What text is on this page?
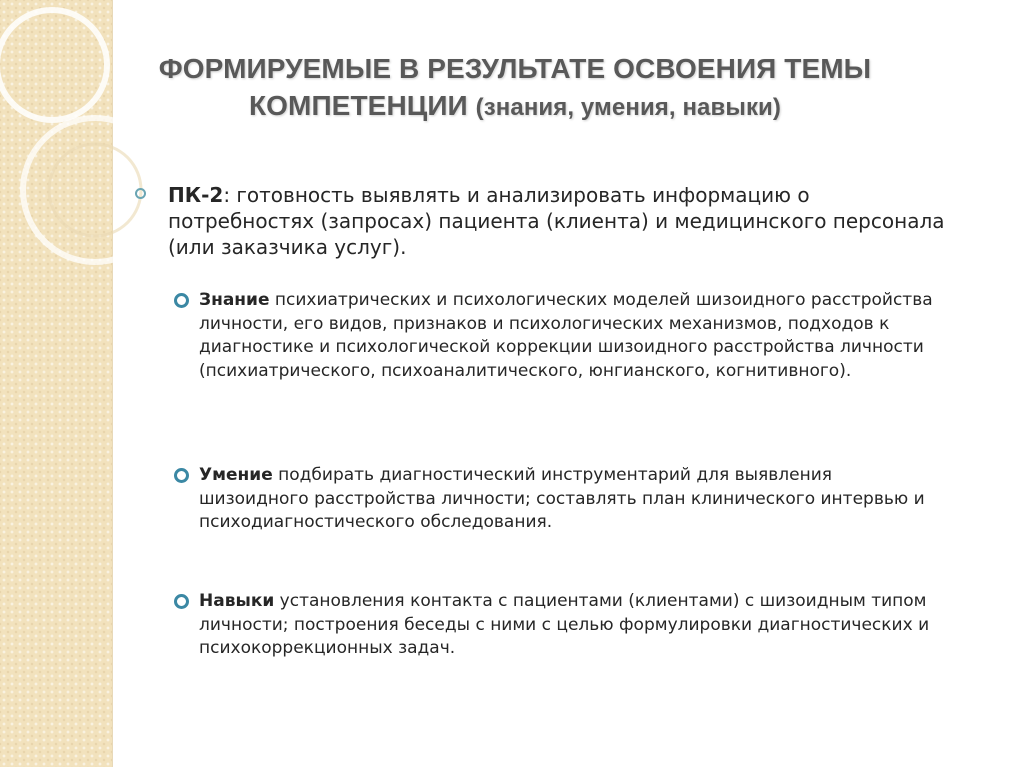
ФОРМИРУЕМЫЕ В РЕЗУЛЬТАТЕ ОСВОЕНИЯ ТЕМЫ
КОМПЕТЕНЦИИ (знания, умения, навыки)
ПК-2: готовность выявлять и анализировать информацию о потребностях (запросах) пациента (клиента) и медицинского персонала (или заказчика услуг).
Знание психиатрических и психологических моделей шизоидного расстройства личности, его видов, признаков и психологических механизмов, подходов к диагностике и психологической коррекции шизоидного расстройства личности (психиатрического, психоаналитического, юнгианского, когнитивного).
Умение подбирать диагностический инструментарий для выявления шизоидного расстройства личности; составлять план клинического интервью и психодиагностического обследования.
Навыки установления контакта с пациентами (клиентами) с шизоидным типом личности; построения беседы с ними с целью формулировки диагностических и психокоррекционных задач.
